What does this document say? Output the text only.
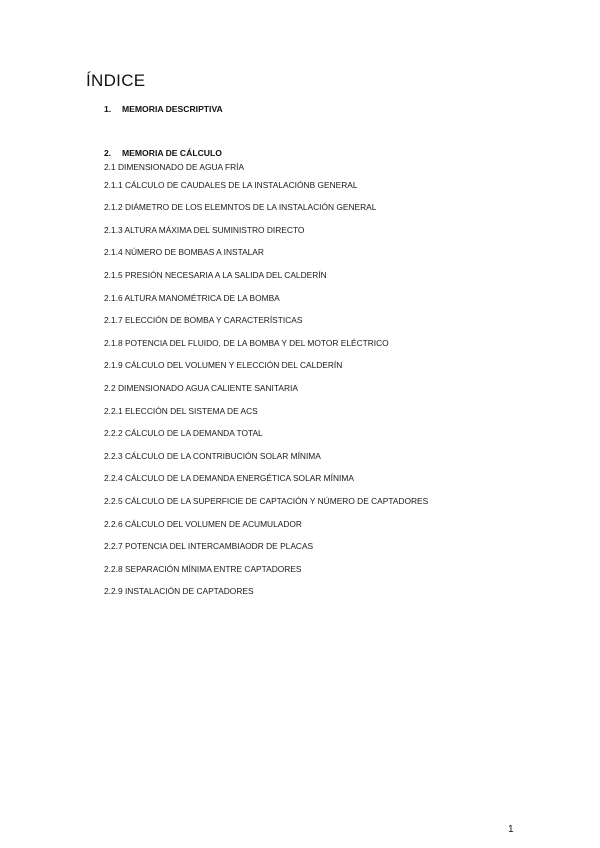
ÍNDICE
1. MEMORIA DESCRIPTIVA
2. MEMORIA DE CÁLCULO
2.1 DIMENSIONADO DE AGUA FRÍA
2.1.1 CÁLCULO DE CAUDALES DE LA INSTALACIÓNB GENERAL
2.1.2 DIÁMETRO DE LOS ELEMNTOS DE LA INSTALACIÓN GENERAL
2.1.3 ALTURA MÁXIMA DEL SUMINISTRO DIRECTO
2.1.4 NÚMERO DE BOMBAS A INSTALAR
2.1.5 PRESIÓN NECESARIA A LA SALIDA DEL CALDERÍN
2.1.6 ALTURA MANOMÉTRICA DE LA BOMBA
2.1.7 ELECCIÓN DE BOMBA Y CARACTERÍSTICAS
2.1.8 POTENCIA DEL FLUIDO, DE LA BOMBA Y DEL MOTOR ELÉCTRICO
2.1.9 CÁLCULO DEL VOLUMEN Y ELECCIÓN DEL CALDERÍN
2.2 DIMENSIONADO AGUA CALIENTE SANITARIA
2.2.1 ELECCIÓN DEL SISTEMA DE ACS
2.2.2 CÁLCULO DE LA DEMANDA TOTAL
2.2.3 CÁLCULO DE LA CONTRIBUCIÓN SOLAR MÍNIMA
2.2.4 CÁLCULO DE LA DEMANDA ENERGÉTICA SOLAR MÍNIMA
2.2.5 CÁLCULO DE LA SUPERFICIE DE CAPTACIÓN Y NÚMERO DE CAPTADORES
2.2.6 CÁLCULO DEL VOLUMEN DE ACUMULADOR
2.2.7 POTENCIA DEL INTERCAMBIAODR DE PLACAS
2.2.8 SEPARACIÓN MÍNIMA ENTRE CAPTADORES
2.2.9 INSTALACIÓN DE CAPTADORES
1
